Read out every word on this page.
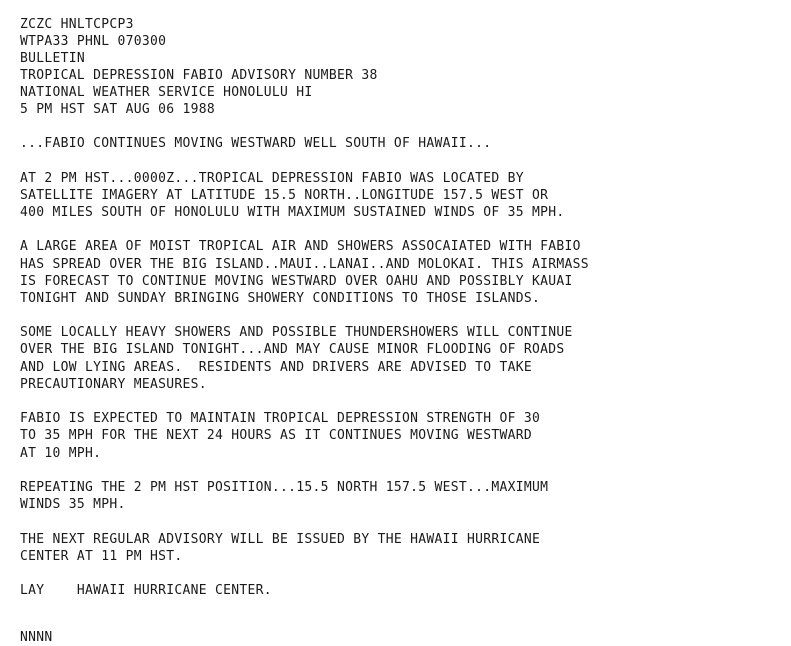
ZCZC HNLTCPCP3
WTPA33 PHNL 070300
BULLETIN
TROPICAL DEPRESSION FABIO ADVISORY NUMBER 38
NATIONAL WEATHER SERVICE HONOLULU HI
5 PM HST SAT AUG 06 1988
...FABIO CONTINUES MOVING WESTWARD WELL SOUTH OF HAWAII...
AT 2 PM HST...0000Z...TROPICAL DEPRESSION FABIO WAS LOCATED BY
SATELLITE IMAGERY AT LATITUDE 15.5 NORTH..LONGITUDE 157.5 WEST OR
400 MILES SOUTH OF HONOLULU WITH MAXIMUM SUSTAINED WINDS OF 35 MPH.
A LARGE AREA OF MOIST TROPICAL AIR AND SHOWERS ASSOCAIATED WITH FABIO
HAS SPREAD OVER THE BIG ISLAND..MAUI..LANAI..AND MOLOKAI. THIS AIRMASS
IS FORECAST TO CONTINUE MOVING WESTWARD OVER OAHU AND POSSIBLY KAUAI
TONIGHT AND SUNDAY BRINGING SHOWERY CONDITIONS TO THOSE ISLANDS.
SOME LOCALLY HEAVY SHOWERS AND POSSIBLE THUNDERSHOWERS WILL CONTINUE
OVER THE BIG ISLAND TONIGHT...AND MAY CAUSE MINOR FLOODING OF ROADS
AND LOW LYING AREAS.  RESIDENTS AND DRIVERS ARE ADVISED TO TAKE
PRECAUTIONARY MEASURES.
FABIO IS EXPECTED TO MAINTAIN TROPICAL DEPRESSION STRENGTH OF 30
TO 35 MPH FOR THE NEXT 24 HOURS AS IT CONTINUES MOVING WESTWARD
AT 10 MPH.
REPEATING THE 2 PM HST POSITION...15.5 NORTH 157.5 WEST...MAXIMUM
WINDS 35 MPH.
THE NEXT REGULAR ADVISORY WILL BE ISSUED BY THE HAWAII HURRICANE
CENTER AT 11 PM HST.
LAY    HAWAII HURRICANE CENTER.
NNNN
